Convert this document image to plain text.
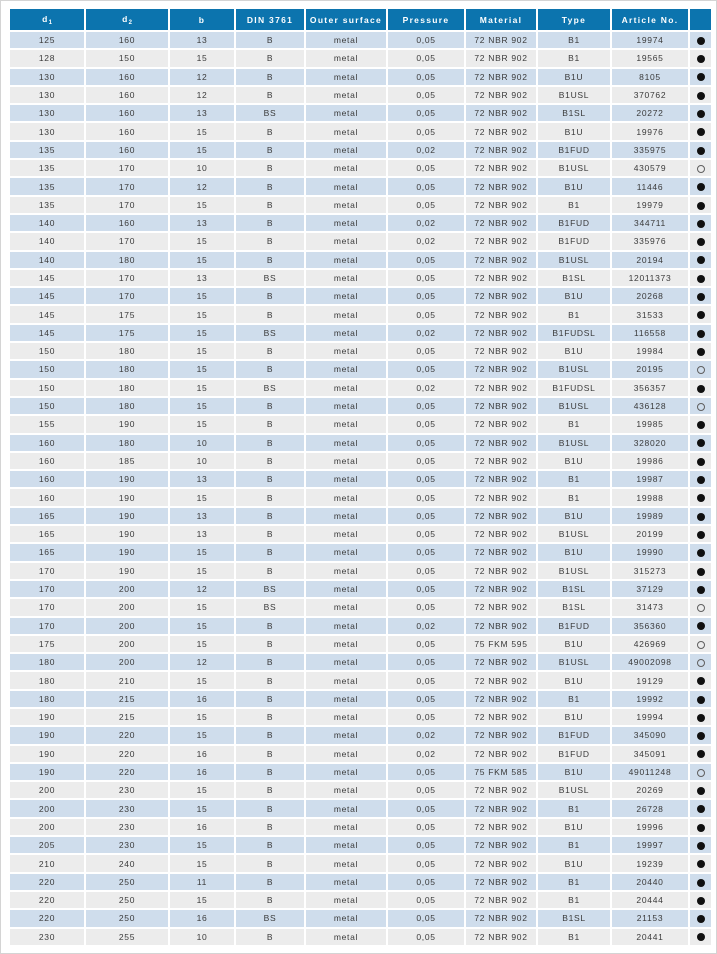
$d_1$	$d_2$	b	DIN 3761	Outer surface	Pressure	Material	Type	Article No.	
125	160	13	B	metal	0,05	72 NBR 902	B1	19974	
128	150	15	B	metal	0,05	72 NBR 902	B1	19565	
130	160	12	B	metal	0,05	72 NBR 902	B1U	8105	
130	160	12	B	metal	0,05	72 NBR 902	B1USL	370762	
130	160	13	BS	metal	0,05	72 NBR 902	B1SL	20272	
130	160	15	B	metal	0,05	72 NBR 902	B1U	19976	
135	160	15	B	metal	0,02	72 NBR 902	B1FUD	335975	
135	170	10	B	metal	0,05	72 NBR 902	B1USL	430579	
135	170	12	B	metal	0,05	72 NBR 902	B1U	11446	
135	170	15	B	metal	0,05	72 NBR 902	B1	19979	
140	160	13	B	metal	0,02	72 NBR 902	B1FUD	344711	
140	170	15	B	metal	0,02	72 NBR 902	B1FUD	335976	
140	180	15	B	metal	0,05	72 NBR 902	B1USL	20194	
145	170	13	BS	metal	0,05	72 NBR 902	B1SL	12011373	
145	170	15	B	metal	0,05	72 NBR 902	B1U	20268	
145	175	15	B	metal	0,05	72 NBR 902	B1	31533	
145	175	15	BS	metal	0,02	72 NBR 902	B1FUDSL	116558	
150	180	15	B	metal	0,05	72 NBR 902	B1U	19984	
150	180	15	B	metal	0,05	72 NBR 902	B1USL	20195	
150	180	15	BS	metal	0,02	72 NBR 902	B1FUDSL	356357	
150	180	15	B	metal	0,05	72 NBR 902	B1USL	436128	
155	190	15	B	metal	0,05	72 NBR 902	B1	19985	
160	180	10	B	metal	0,05	72 NBR 902	B1USL	328020	
160	185	10	B	metal	0,05	72 NBR 902	B1U	19986	
160	190	13	B	metal	0,05	72 NBR 902	B1	19987	
160	190	15	B	metal	0,05	72 NBR 902	B1	19988	
165	190	13	B	metal	0,05	72 NBR 902	B1U	19989	
165	190	13	B	metal	0,05	72 NBR 902	B1USL	20199	
165	190	15	B	metal	0,05	72 NBR 902	B1U	19990	
170	190	15	B	metal	0,05	72 NBR 902	B1USL	315273	
170	200	12	BS	metal	0,05	72 NBR 902	B1SL	37129	
170	200	15	BS	metal	0,05	72 NBR 902	B1SL	31473	
170	200	15	B	metal	0,02	72 NBR 902	B1FUD	356360	
175	200	15	B	metal	0,05	75 FKM 595	B1U	426969	
180	200	12	B	metal	0,05	72 NBR 902	B1USL	49002098	
180	210	15	B	metal	0,05	72 NBR 902	B1U	19129	
180	215	16	B	metal	0,05	72 NBR 902	B1	19992	
190	215	15	B	metal	0,05	72 NBR 902	B1U	19994	
190	220	15	B	metal	0,02	72 NBR 902	B1FUD	345090	
190	220	16	B	metal	0,02	72 NBR 902	B1FUD	345091	
190	220	16	B	metal	0,05	75 FKM 585	B1U	49011248	
200	230	15	B	metal	0,05	72 NBR 902	B1USL	20269	
200	230	15	B	metal	0,05	72 NBR 902	B1	26728	
200	230	16	B	metal	0,05	72 NBR 902	B1U	19996	
205	230	15	B	metal	0,05	72 NBR 902	B1	19997	
210	240	15	B	metal	0,05	72 NBR 902	B1U	19239	
220	250	11	B	metal	0,05	72 NBR 902	B1	20440	
220	250	15	B	metal	0,05	72 NBR 902	B1	20444	
220	250	16	BS	metal	0,05	72 NBR 902	B1SL	21153	
230	255	10	B	metal	0,05	72 NBR 902	B1	20441	
